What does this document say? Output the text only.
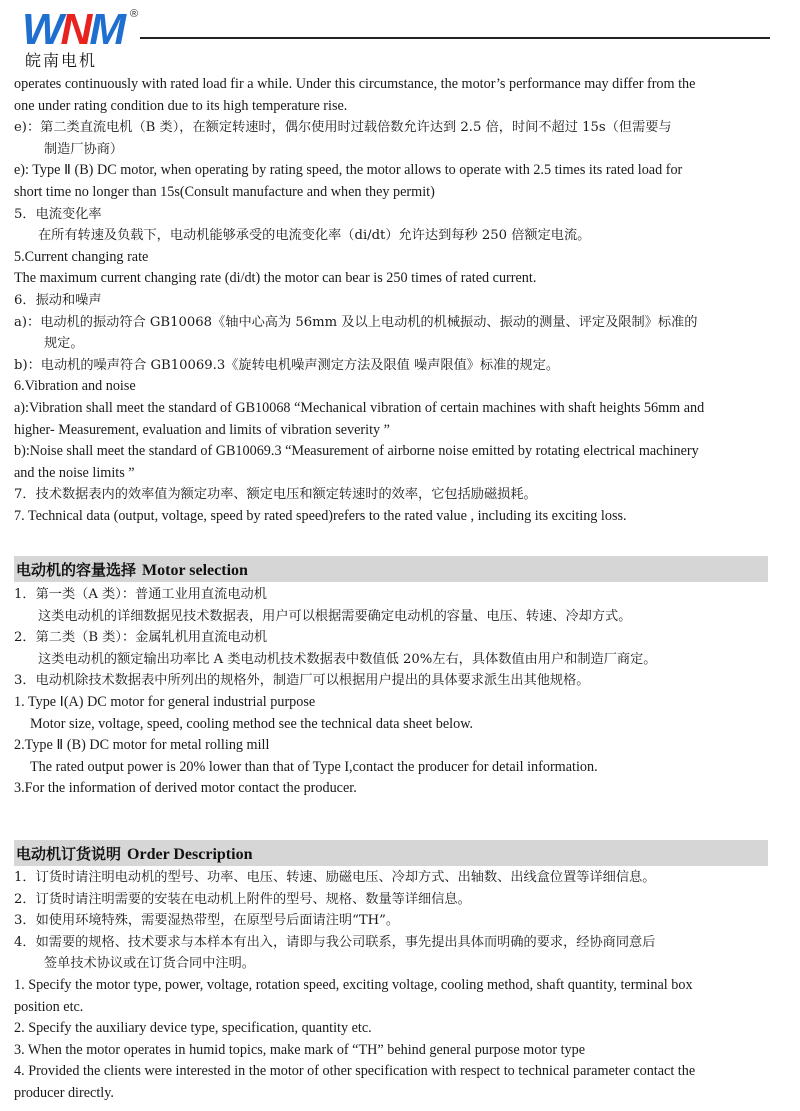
WNM ®
皖南电机
operates continuously with rated load fir a while. Under this circumstance, the motor’s performance may differ from the
one under rating condition due to its high temperature rise.
e)：第二类直流电机（B 类），在额定转速时，偶尔使用时过载倍数允许达到 2.5 倍，时间不超过 15s（但需要与
制造厂协商）
e): Type Ⅱ (B) DC motor, when operating by rating speed, the motor allows to operate with 2.5 times its rated load for
short time no longer than 15s(Consult manufacture and when they permit)
5．电流变化率
在所有转速及负载下，电动机能够承受的电流变化率（di/dt）允许达到每秒 250 倍额定电流。
5.Current changing rate
The maximum current changing rate (di/dt) the motor can bear is 250 times of rated current.
6．振动和噪声
a)：电动机的振动符合 GB10068《轴中心高为 56mm 及以上电动机的机械振动、振动的测量、评定及限制》标准的
规定。
b)：电动机的噪声符合 GB10069.3《旋转电机噪声测定方法及限值 噪声限值》标准的规定。
6.Vibration and noise
a):Vibration shall meet the standard of GB10068 “Mechanical vibration of certain machines with shaft heights 56mm and
higher- Measurement, evaluation and limits of vibration severity ”
b):Noise shall meet the standard of GB10069.3 “Measurement of airborne noise emitted by rotating electrical machinery
and the noise limits ”
7．技术数据表内的效率值为额定功率、额定电压和额定转速时的效率，它包括励磁损耗。
7. Technical data (output, voltage, speed by rated speed)refers to the rated value , including its exciting loss.
电动机的容量选择 Motor selection
1．第一类（A 类）：普通工业用直流电动机
这类电动机的详细数据见技术数据表，用户可以根据需要确定电动机的容量、电压、转速、冷却方式。
2．第二类（B 类）：金属轧机用直流电动机
这类电动机的额定输出功率比 A 类电动机技术数据表中数值低 20%左右，具体数值由用户和制造厂商定。
3．电动机除技术数据表中所列出的规格外，制造厂可以根据用户提出的具体要求派生出其他规格。
1. Type Ⅰ(A) DC motor for general industrial purpose
Motor size, voltage, speed, cooling method see the technical data sheet below.
2.Type Ⅱ (B) DC motor for metal rolling mill
The rated output power is 20% lower than that of Type I,contact the producer for detail information.
3.For the information of derived motor contact the producer.
电动机订货说明 Order Description
1．订货时请注明电动机的型号、功率、电压、转速、励磁电压、冷却方式、出轴数、出线盒位置等详细信息。
2．订货时请注明需要的安装在电动机上附件的型号、规格、数量等详细信息。
3．如使用环境特殊，需要湿热带型，在原型号后面请注明“TH”。
4．如需要的规格、技术要求与本样本有出入，请即与我公司联系，事先提出具体而明确的要求，经协商同意后
签单技术协议或在订货合同中注明。
1. Specify the motor type, power, voltage, rotation speed, exciting voltage, cooling method, shaft quantity, terminal box
position etc.
2. Specify the auxiliary device type, specification, quantity etc.
3. When the motor operates in humid topics, make mark of “TH” behind general purpose motor type
4. Provided the clients were interested in the motor of other specification with respect to technical parameter contact the
producer directly.
